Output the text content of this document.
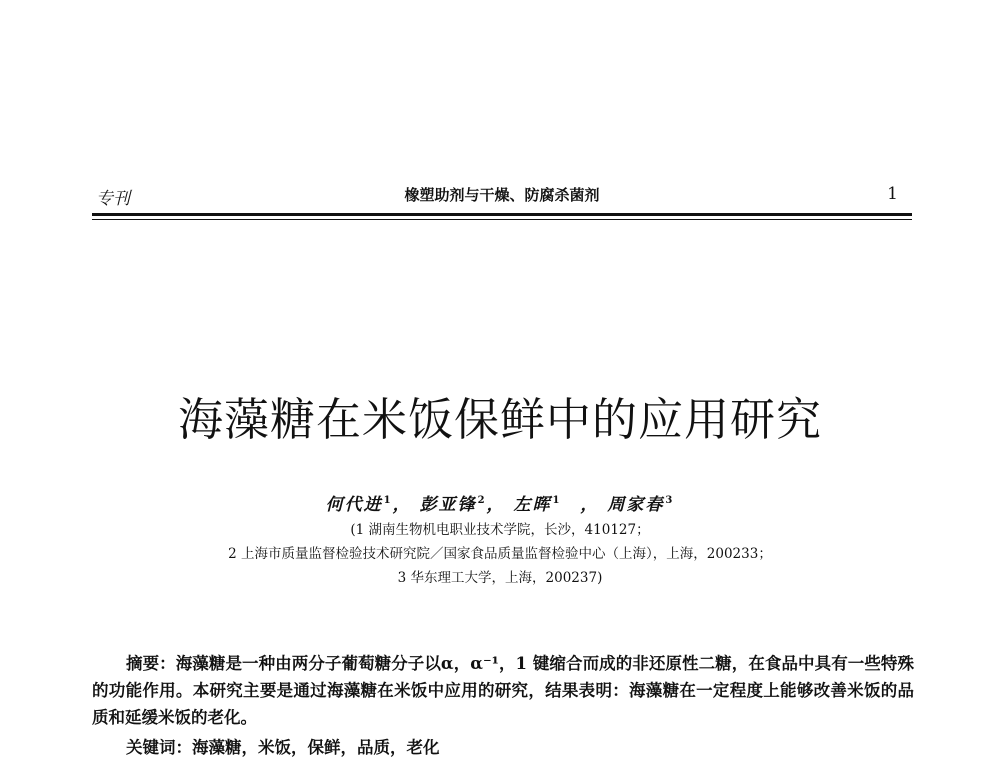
专刊	橡塑助剂与干燥、防腐杀菌剂	1
海藻糖在米饭保鲜中的应用研究
何代进$^1$， 彭亚锋$^2$， 左晖$^1$　， 周家春$^3$
(1 湖南生物机电职业技术学院，长沙，410127；
2 上海市质量监督检验技术研究院／国家食品质量监督检验中心（上海），上海，200233；
3 华东理工大学，上海，200237)

摘要：海藻糖是一种由两分子葡萄糖分子以α，α⁻¹，1 键缩合而成的非还原性二糖，在食品中具有一些特殊的功能作用。本研究主要是通过海藻糖在米饭中应用的研究，结果表明：海藻糖在一定程度上能够改善米饭的品质和延缓米饭的老化。

关键词：海藻糖，米饭，保鲜，品质，老化
